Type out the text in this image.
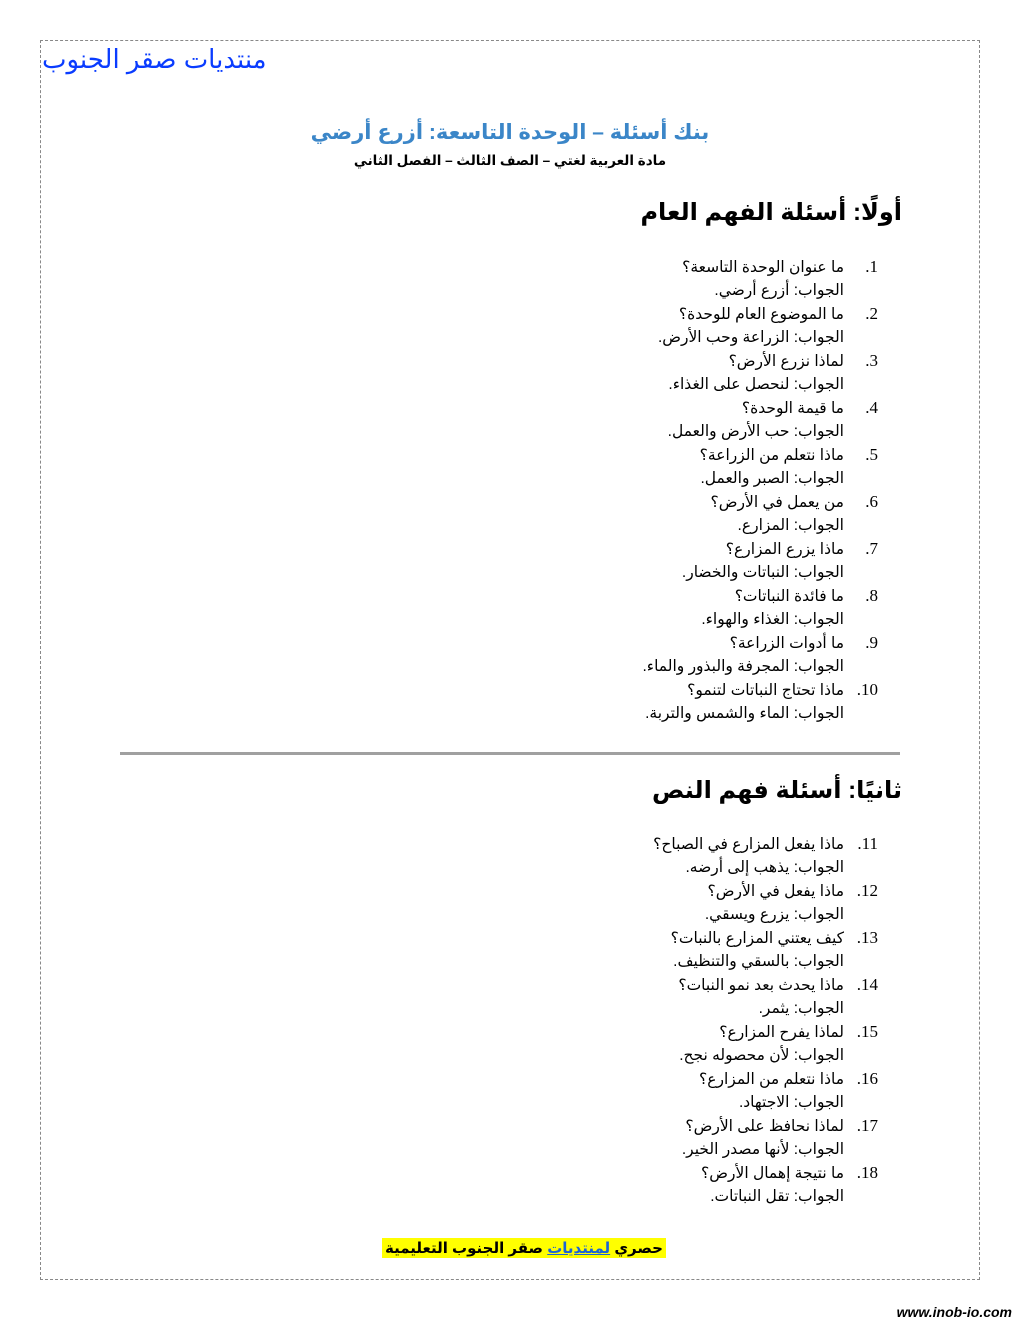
منتديات صقر الجنوب
بنك أسئلة – الوحدة التاسعة: أزرع أرضي
مادة العربية لغتي – الصف الثالث – الفصل الثاني
أولًا: أسئلة الفهم العام
1.
ما عنوان الوحدة التاسعة؟
الجواب: أزرع أرضي.
2.
ما الموضوع العام للوحدة؟
الجواب: الزراعة وحب الأرض.
3.
لماذا نزرع الأرض؟
الجواب: لنحصل على الغذاء.
4.
ما قيمة الوحدة؟
الجواب: حب الأرض والعمل.
5.
ماذا نتعلم من الزراعة؟
الجواب: الصبر والعمل.
6.
من يعمل في الأرض؟
الجواب: المزارع.
7.
ماذا يزرع المزارع؟
الجواب: النباتات والخضار.
8.
ما فائدة النباتات؟
الجواب: الغذاء والهواء.
9.
ما أدوات الزراعة؟
الجواب: المجرفة والبذور والماء.
10.
ماذا تحتاج النباتات لتنمو؟
الجواب: الماء والشمس والتربة.
ثانيًا: أسئلة فهم النص
11.
ماذا يفعل المزارع في الصباح؟
الجواب: يذهب إلى أرضه.
12.
ماذا يفعل في الأرض؟
الجواب: يزرع ويسقي.
13.
كيف يعتني المزارع بالنبات؟
الجواب: بالسقي والتنظيف.
14.
ماذا يحدث بعد نمو النبات؟
الجواب: يثمر.
15.
لماذا يفرح المزارع؟
الجواب: لأن محصوله نجح.
16.
ماذا نتعلم من المزارع؟
الجواب: الاجتهاد.
17.
لماذا نحافظ على الأرض؟
الجواب: لأنها مصدر الخير.
18.
ما نتيجة إهمال الأرض؟
الجواب: تقل النباتات.
حصري لمنتديات صقر الجنوب التعليمية
www.inob-io.com
